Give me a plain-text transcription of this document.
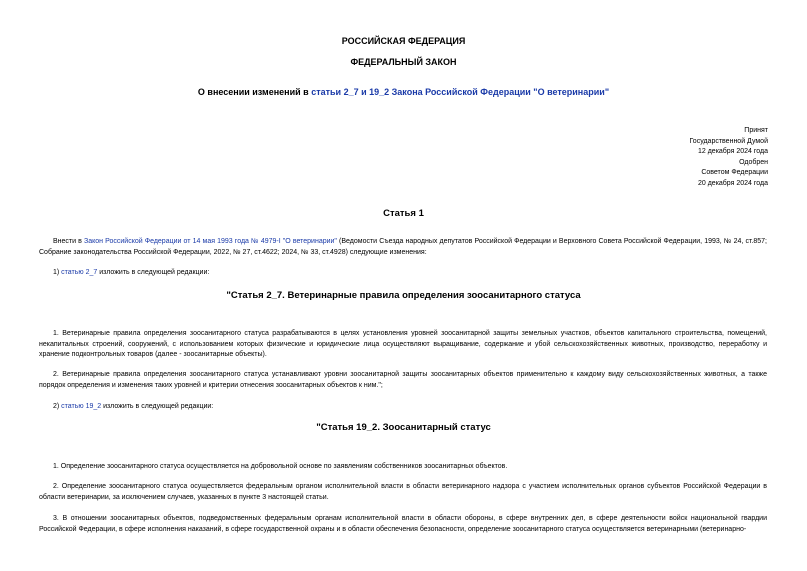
РОССИЙСКАЯ ФЕДЕРАЦИЯ
ФЕДЕРАЛЬНЫЙ ЗАКОН
О внесении изменений в статьи 2_7 и 19_2 Закона Российской Федерации "О ветеринарии"
Принят
Государственной Думой
12 декабря 2024 года
Одобрен
Советом Федерации
20 декабря 2024 года
Статья 1
Внести в Закон Российской Федерации от 14 мая 1993 года № 4979-I "О ветеринарии" (Ведомости Съезда народных депутатов Российской Федерации и Верховного Совета Российской Федерации, 1993, № 24, ст.857; Собрание законодательства Российской Федерации, 2022, № 27, ст.4622; 2024, № 33, ст.4928) следующие изменения:
1) статью 2_7 изложить в следующей редакции:
"Статья 2_7. Ветеринарные правила определения зоосанитарного статуса
1. Ветеринарные правила определения зоосанитарного статуса разрабатываются в целях установления уровней зоосанитарной защиты земельных участков, объектов капитального строительства, помещений, некапитальных строений, сооружений, с использованием которых физические и юридические лица осуществляют выращивание, содержание и убой сельскохозяйственных животных, производство, переработку и хранение подконтрольных товаров (далее - зоосанитарные объекты).
2. Ветеринарные правила определения зоосанитарного статуса устанавливают уровни зоосанитарной защиты зоосанитарных объектов применительно к каждому виду сельскохозяйственных животных, а также порядок определения и изменения таких уровней и критерии отнесения зоосанитарных объектов к ним.";
2) статью 19_2 изложить в следующей редакции:
"Статья 19_2. Зоосанитарный статус
1. Определение зоосанитарного статуса осуществляется на добровольной основе по заявлениям собственников зоосанитарных объектов.
2. Определение зоосанитарного статуса осуществляется федеральным органом исполнительной власти в области ветеринарного надзора с участием исполнительных органов субъектов Российской Федерации в области ветеринарии, за исключением случаев, указанных в пункте 3 настоящей статьи.
3. В отношении зоосанитарных объектов, подведомственных федеральным органам исполнительной власти в области обороны, в сфере внутренних дел, в сфере деятельности войск национальной гвардии Российской Федерации, в сфере исполнения наказаний, в сфере государственной охраны и в области обеспечения безопасности, определение зоосанитарного статуса осуществляется ветеринарными (ветеринарно-
